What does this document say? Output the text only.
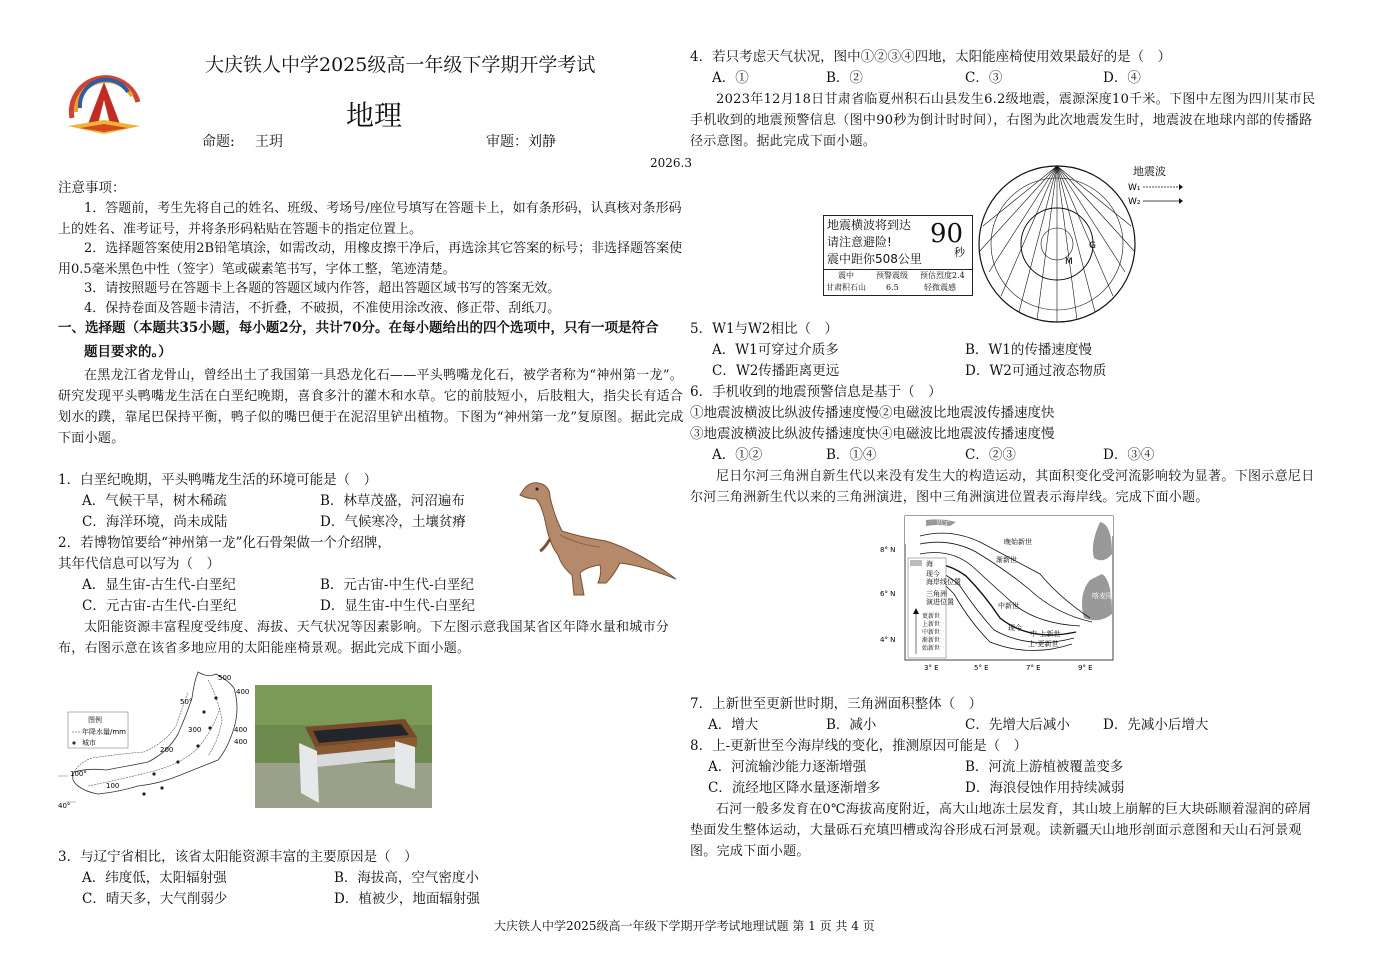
大庆铁人中学2025级高一年级下学期开学考试
地理
命题: 王玥	审题：刘静
2026.3
注意事项：
1．答题前，考生先将自己的姓名、班级、考场号/座位号填写在答题卡上，如有条形码，认真核对条形码上的姓名、准考证号，并将条形码粘贴在答题卡的指定位置上。
2．选择题答案使用2B铅笔填涂，如需改动，用橡皮擦干净后，再选涂其它答案的标号；非选择题答案使用0.5毫米黑色中性（签字）笔或碳素笔书写，字体工整，笔迹清楚。
3．请按照题号在答题卡上各题的答题区域内作答，超出答题区域书写的答案无效。
4．保持卷面及答题卡清洁，不折叠，不破损，不准使用涂改液、修正带、刮纸刀。
一、选择题（本题共35小题，每小题2分，共计70分。在每小题给出的四个选项中，只有一项是符合
题目要求的。）
在黑龙江省龙骨山，曾经出土了我国第一具恐龙化石——平头鸭嘴龙化石，被学者称为“神州第一龙”。研究发现平头鸭嘴龙生活在白垩纪晚期，喜食多汁的灌木和水草。它的前肢短小，后肢粗大，指尖长有适合划水的蹼，靠尾巴保持平衡，鸭子似的嘴巴便于在泥沼里铲出植物。下图为“神州第一龙”复原图。据此完成下面小题。
1．白垩纪晚期，平头鸭嘴龙生活的环境可能是（　）
A．气候干旱，树木稀疏	B．林草茂盛，河沼遍布
C．海洋环境，尚未成陆	D．气候寒冷，土壤贫瘠
2．若博物馆要给“神州第一龙”化石骨架做一个介绍牌，
其年代信息可以写为（　）
A．显生宙-古生代-白垩纪	B．元古宙-中生代-白垩纪
C．元古宙-古生代-白垩纪	D．显生宙-中生代-白垩纪
太阳能资源丰富程度受纬度、海拔、天气状况等因素影响。下左图示意我国某省区年降水量和城市分布，右图示意在该省多地应用的太阳能座椅景观。据此完成下面小题。
图例
年降水量/mm
城市
500
400
300
200
100
400
400
100°
40°
50°
3．与辽宁省相比，该省太阳能资源丰富的主要原因是（　）
A．纬度低，太阳辐射强	B．海拔高，空气密度小
C．晴天多，大气削弱少	D．植被少，地面辐射强
4．若只考虑天气状况，图中①②③④四地，太阳能座椅使用效果最好的是（　）
A．①	B．②	C．③	D．④
2023年12月18日甘肃省临夏州积石山县发生6.2级地震，震源深度10千米。下图中左图为四川某市民手机收到的地震预警信息（图中90秒为倒计时时间），右图为此次地震发生时，地震波在地球内部的传播路径示意图。据此完成下面小题。
地震横波将到达
请注意避险!
震中距你508公里
90
秒
震中	预警震级 预估烈度2.4
甘肃积石山	6.5	轻微震感
地震波
W₁
W₂
M
G
5．W1与W2相比（　）
A．W1可穿过介质多	B．W1的传播速度慢
C．W2传播距离更远	D．W2可通过液态物质
6．手机收到的地震预警信息是基于（　）
①地震波横波比纵波传播速度慢②电磁波比地震波传播速度快
③地震波横波比纵波传播速度快④电磁波比地震波传播速度慢
A．①②	B．①④	C．②③	D．③④
尼日尔河三角洲自新生代以来没有发生大的构造运动，其面积变化受河流影响较为显著。下图示意尼日尔河三角洲新生代以来的三角洲演进，图中三角洲演进位置表示海岸线。完成下面小题。
海
现今
海岸线位置
三角洲
演进位置
更新世
上新世
中新世
渐新世
始新世
晚始新世
渐新世
中新世
现今
中-上新世
上-更新世
贝宁
喀麦隆
8° N
6° N
4° N
3° E	5° E	7° E	9° E
7．上新世至更新世时期，三角洲面积整体（　）
A．增大	B．减小	C．先增大后减小 D．先减小后增大
8．上-更新世至今海岸线的变化，推测原因可能是（　）
A．河流输沙能力逐渐增强	B．河流上游植被覆盖变多
C．流经地区降水量逐渐增多	D．海浪侵蚀作用持续减弱
石河一般多发育在0℃海拔高度附近，高大山地冻土层发育，其山坡上崩解的巨大块砾顺着湿润的碎屑垫面发生整体运动，大量砾石充填凹槽或沟谷形成石河景观。读新疆天山地形剖面示意图和天山石河景观图。完成下面小题。
大庆铁人中学2025级高一年级下学期开学考试地理试题 第 1 页 共 4 页
